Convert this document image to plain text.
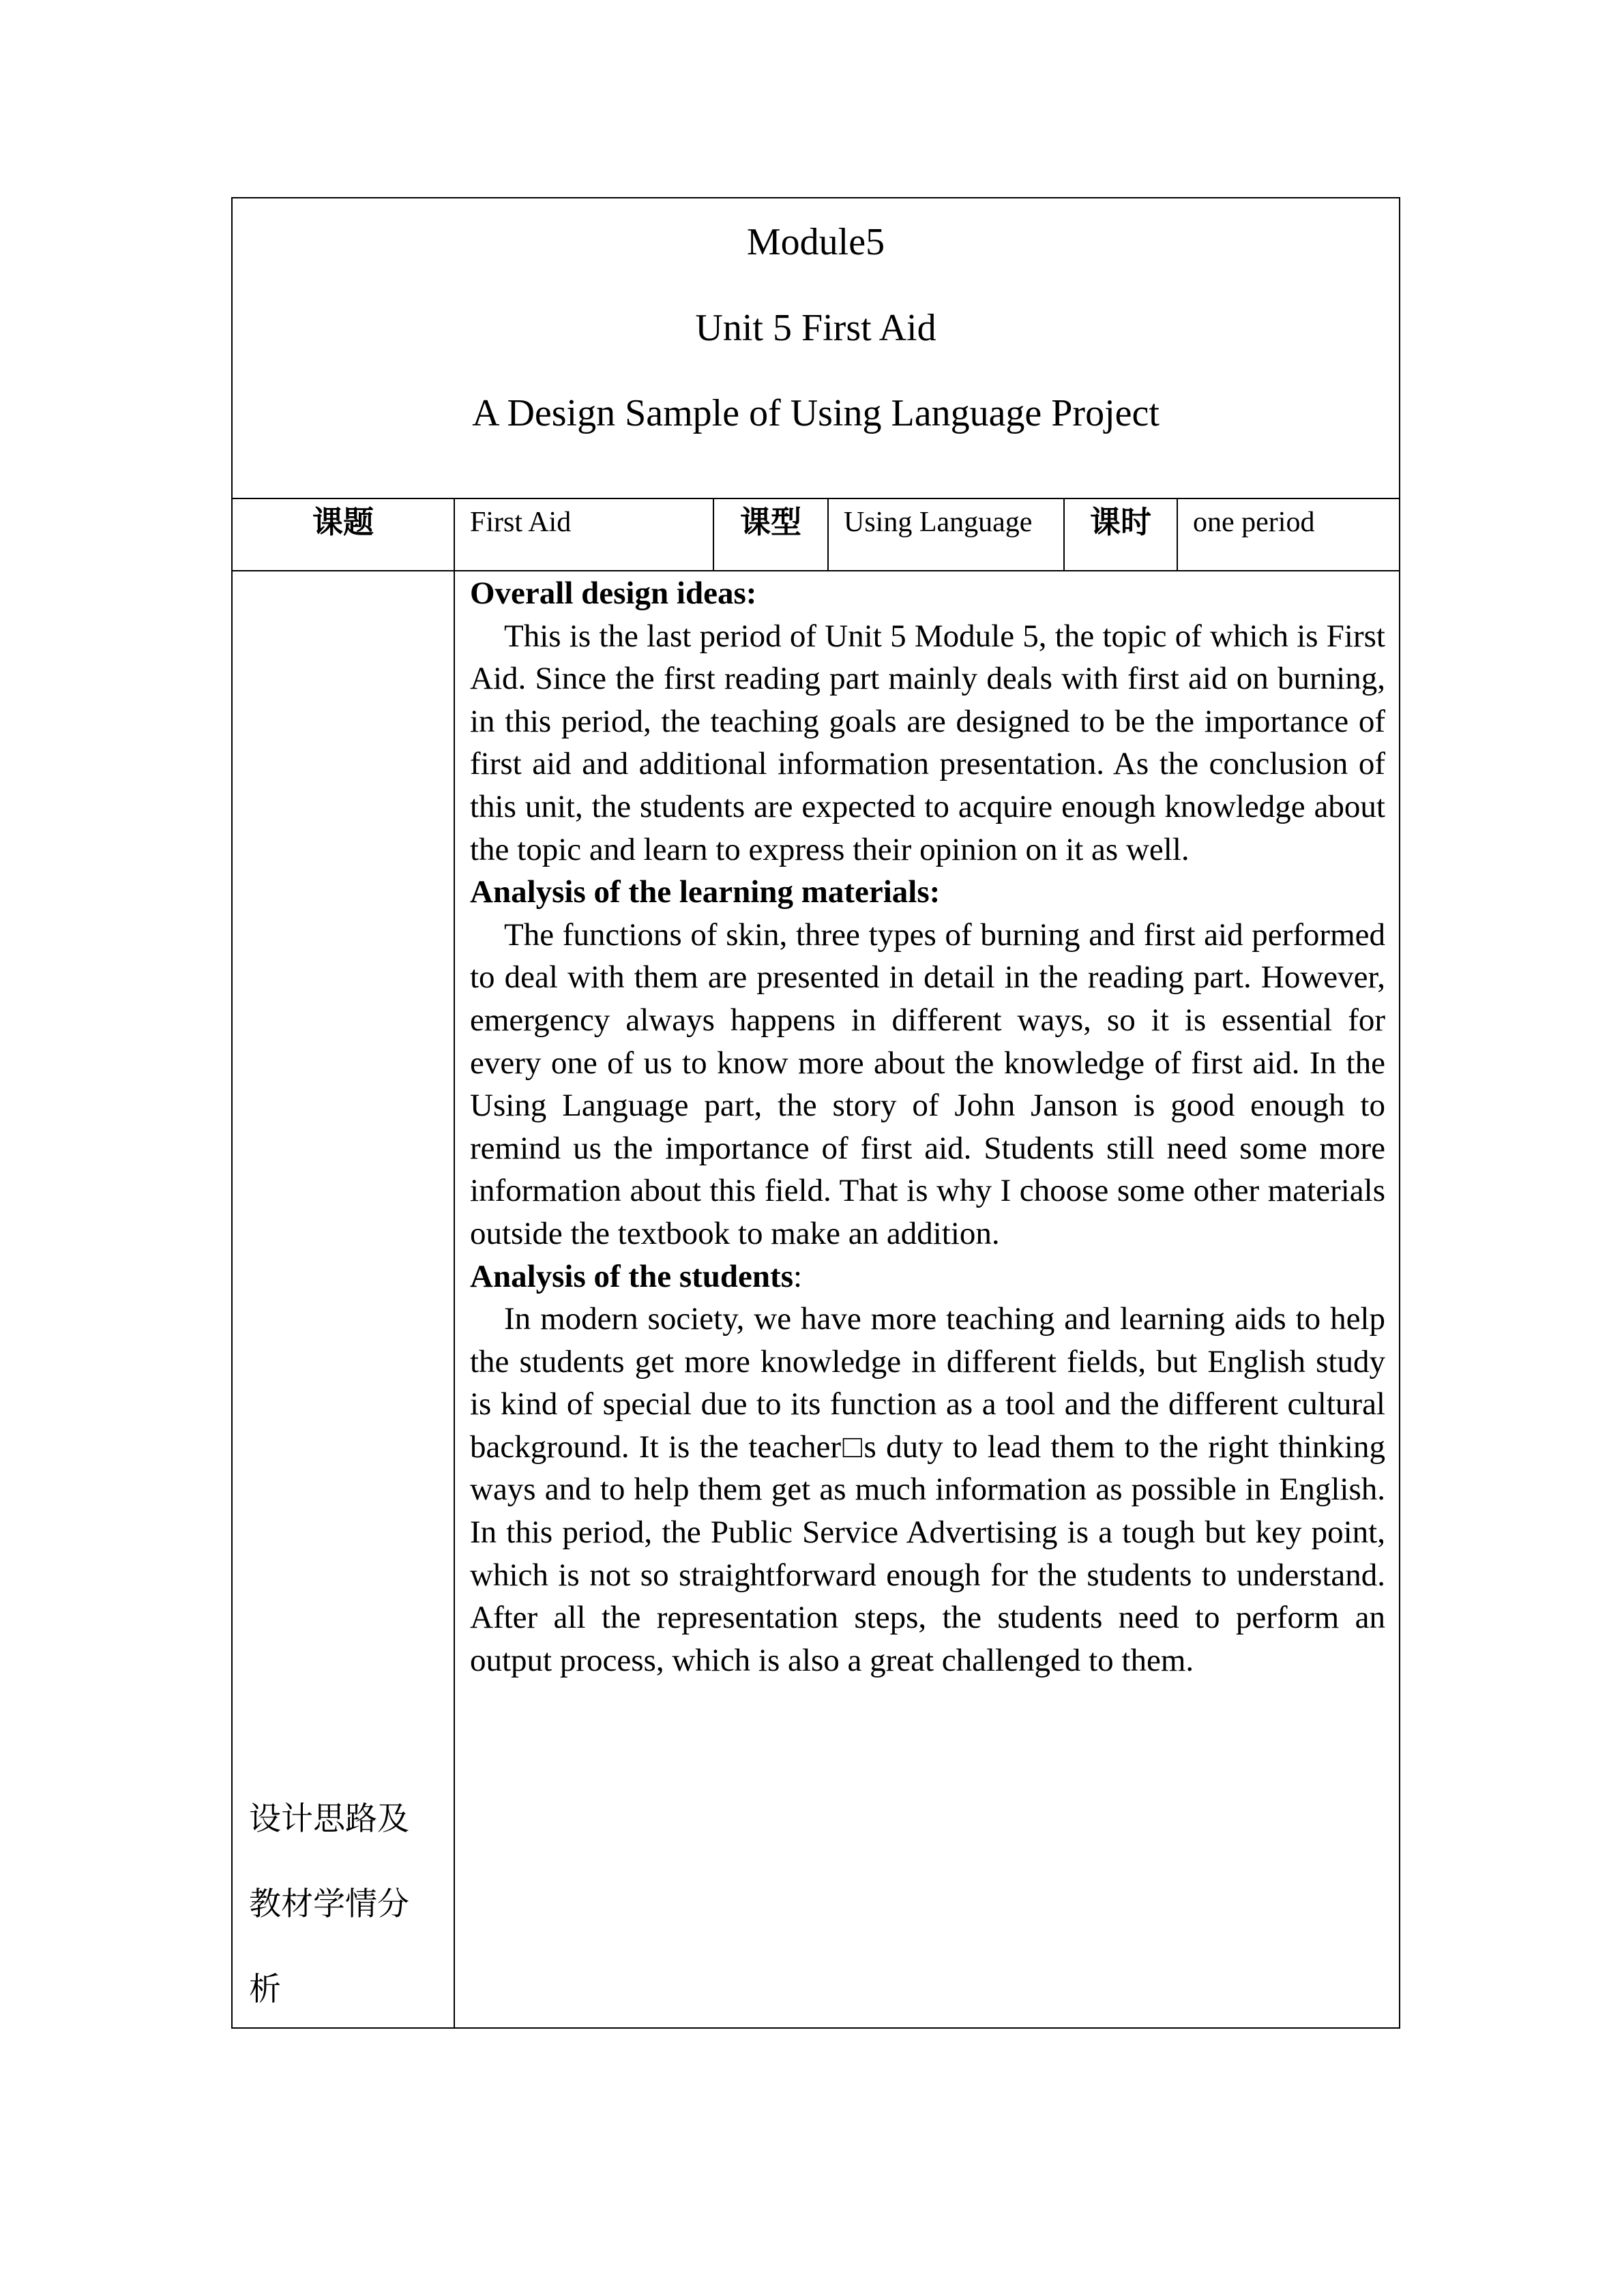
Module5
Unit 5 First Aid
A Design Sample of Using Language Project
课题	First Aid	课型	Using Language	课时	one period
设计思路及
教材学情分
析

Overall design ideas:

This is the last period of Unit 5 Module 5, the topic of which is First Aid. Since the first reading part mainly deals with first aid on burning, in this period, the teaching goals are designed to be the importance of first aid and additional information presentation. As the conclusion of this unit, the students are expected to acquire enough knowledge about the topic and learn to express their opinion on it as well.

Analysis of the learning materials:

The functions of skin, three types of burning and first aid performed to deal with them are presented in detail in the reading part. However, emergency always happens in different ways, so it is essential for every one of us to know more about the knowledge of first aid. In the Using Language part, the story of John Janson is good enough to remind us the importance of first aid. Students still need some more information about this field. That is why I choose some other materials outside the textbook to make an addition.

Analysis of the students:

In modern society, we have more teaching and learning aids to help the students get more knowledge in different fields, but English study is kind of special due to its function as a tool and the different cultural background. It is the teacher□s duty to lead them to the right thinking ways and to help them get as much information as possible in English. In this period, the Public Service Advertising is a tough but key point, which is not so straightforward enough for the students to understand. After all the representation steps, the students need to perform an output process, which is also a great challenged to them.
